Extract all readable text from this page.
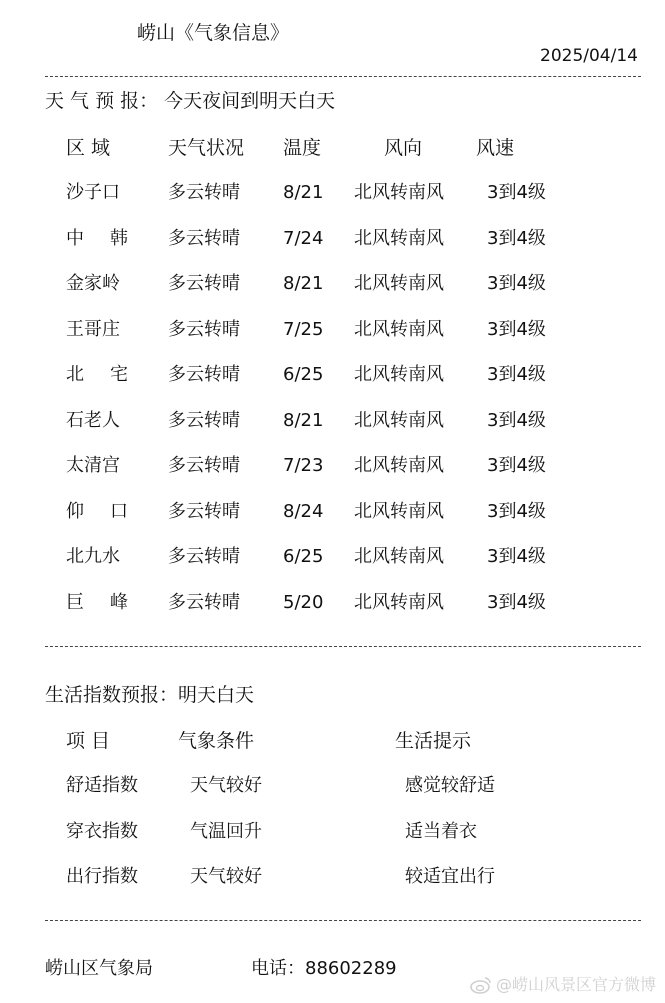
崂山《气象信息》
2025/04/14
天 气 预 报： 今天夜间到明天白天
区 域	天气状况 温度	风向	风速
沙子口	多云转晴 8/21 北风转南风 3到4级
中 韩 多云转晴 7/24 北风转南风 3到4级
金家岭	多云转晴 8/21 北风转南风 3到4级
王哥庄	多云转晴 7/25 北风转南风 3到4级
北 宅 多云转晴 6/25 北风转南风 3到4级
石老人	多云转晴 8/21 北风转南风 3到4级
太清宫	多云转晴 7/23 北风转南风 3到4级
仰 口 多云转晴 8/24 北风转南风 3到4级
北九水	多云转晴 6/25 北风转南风 3到4级
巨 峰 多云转晴 5/20 北风转南风 3到4级
生活指数预报：明天白天
项 目	气象条件	生活提示
舒适指数	天气较好	感觉较舒适
穿衣指数	气温回升	适当着衣
出行指数	天气较好	较适宜出行
崂山区气象局	电话：88602289
@崂山风景区官方微博
